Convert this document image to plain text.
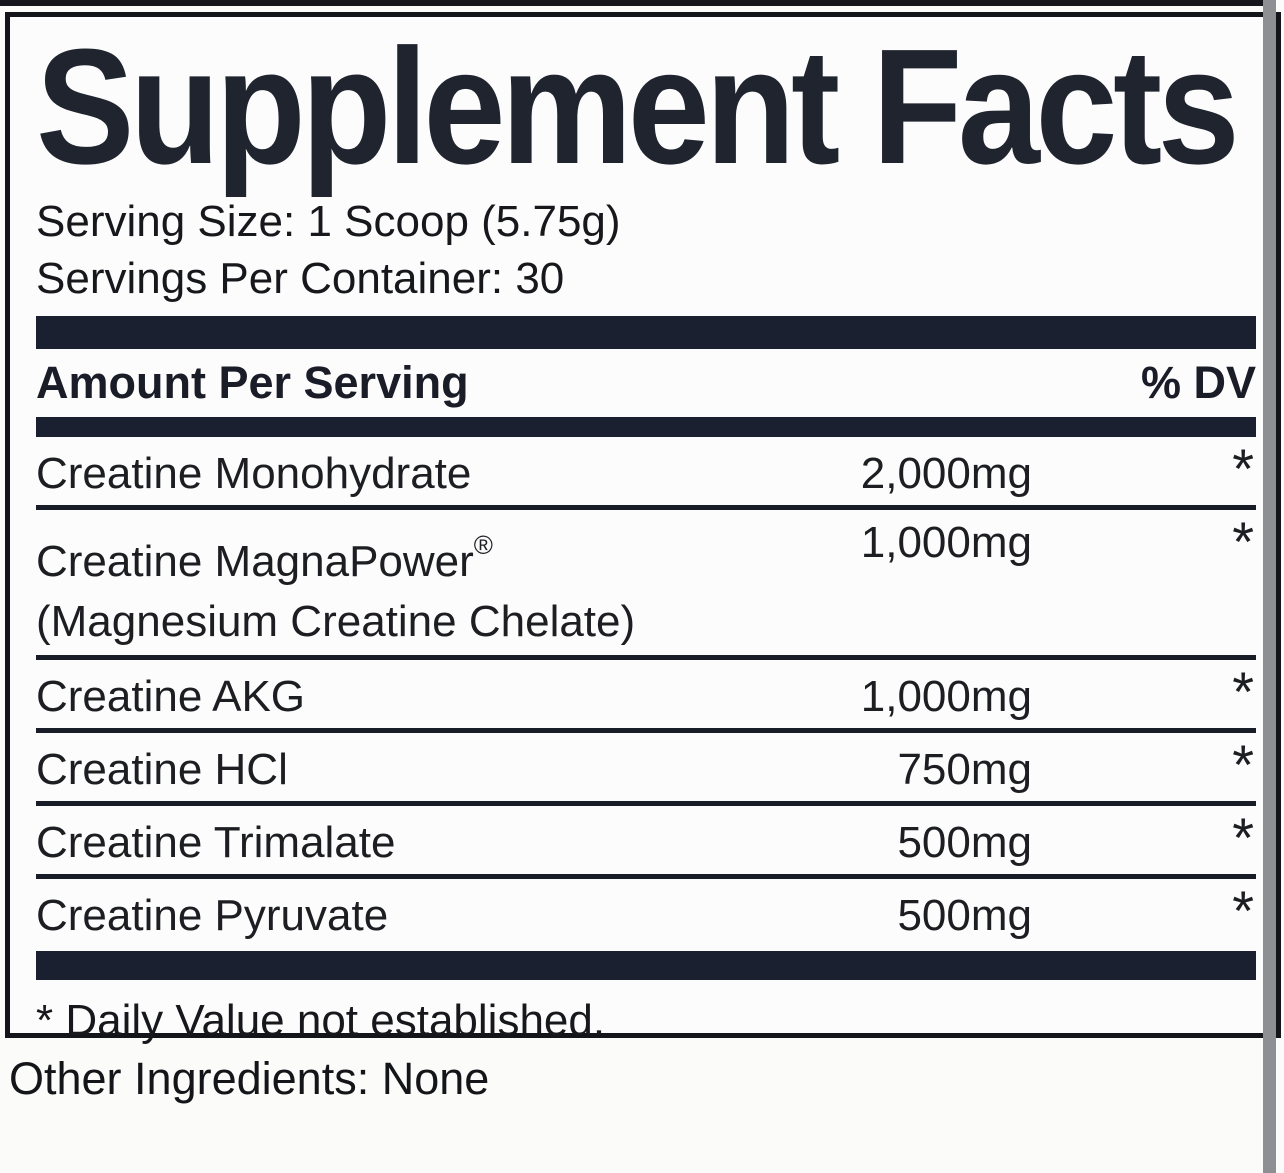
Supplement Facts
Serving Size: 1 Scoop (5.75g)
Servings Per Container: 30
Amount Per Serving	% DV
Creatine Monohydrate	2,000mg	*
Creatine MagnaPower®
(Magnesium Creatine Chelate)
1,000mg	*
Creatine AKG	1,000mg	*
Creatine HCl	750mg	*
Creatine Trimalate	500mg	*
Creatine Pyruvate	500mg	*
* Daily Value not established.
Other Ingredients: None
